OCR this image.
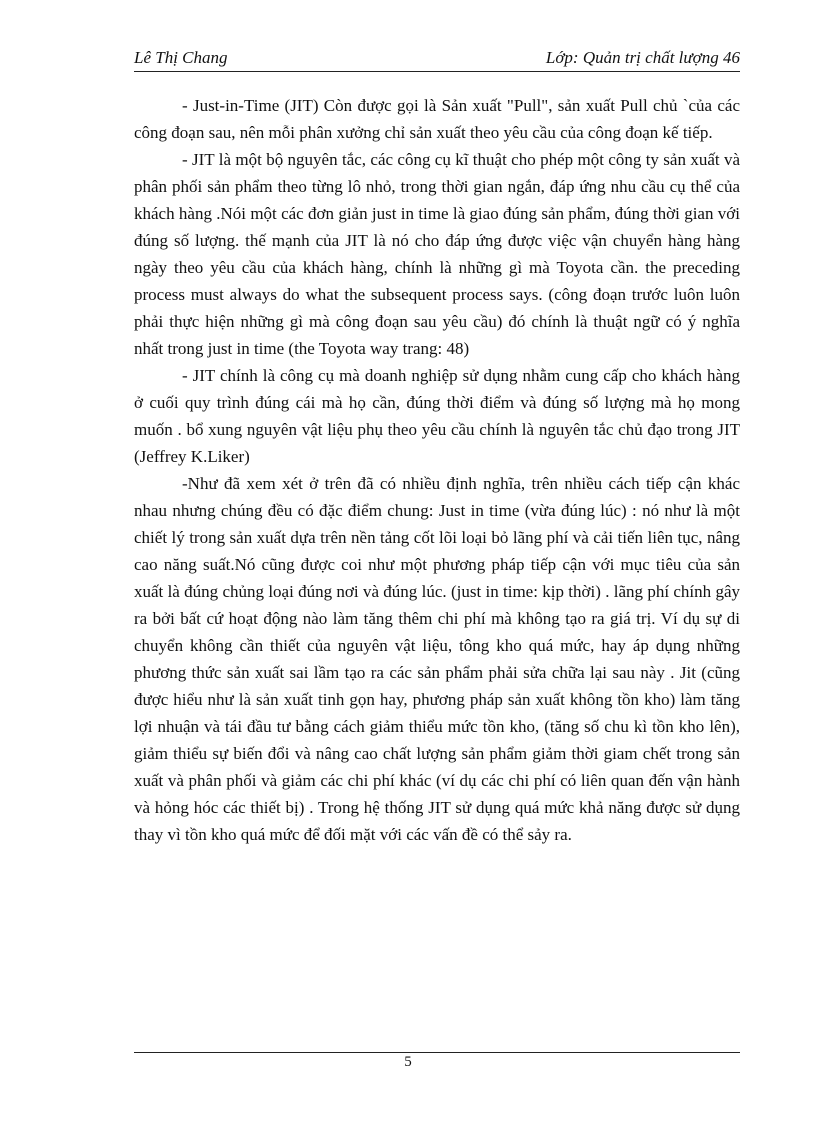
Lê Thị Chang	Lớp: Quản trị chất lượng 46

- Just-in-Time (JIT) Còn được gọi là Sản xuất "Pull", sản xuất Pull chủ `của các công đoạn sau, nên mỗi phân xưởng chỉ sản xuất theo yêu cầu của công đoạn kế tiếp.

- JIT là một bộ nguyên tắc, các công cụ kĩ thuật cho phép một công ty sản xuất và phân phối sản phẩm theo từng lô nhỏ, trong thời gian ngắn, đáp ứng nhu cầu cụ thể của khách hàng .Nói một các đơn giản just in time là giao đúng sản phẩm, đúng thời gian với đúng số lượng. thế mạnh của JIT là nó cho đáp ứng được việc vận chuyển hàng hàng ngày theo yêu cầu của khách hàng, chính là những gì mà Toyota cần. the preceding process must always do what the subsequent process says. (công đoạn trước luôn luôn phải thực hiện những gì mà công đoạn sau yêu cầu) đó chính là thuật ngữ có ý nghĩa nhất trong just in time (the Toyota way trang: 48)

- JIT chính là công cụ mà doanh nghiệp sử dụng nhằm cung cấp cho khách hàng ở cuối quy trình đúng cái mà họ cần, đúng thời điểm và đúng số lượng mà họ mong muốn . bổ xung nguyên vật liệu phụ theo yêu cầu chính là nguyên tắc chủ đạo trong JIT (Jeffrey K.Liker)

-Như đã xem xét ở trên đã có nhiều định nghĩa, trên nhiều cách tiếp cận khác nhau nhưng chúng đều có đặc điểm chung: Just in time (vừa đúng lúc) : nó như là một chiết lý trong sản xuất dựa trên nền tảng cốt lõi loại bỏ lãng phí và cải tiến liên tục, nâng cao năng suất.Nó cũng được coi như một phương pháp tiếp cận với mục tiêu của sản xuất là đúng chủng loại đúng nơi và đúng lúc. (just in time: kịp thời) . lãng phí chính gây ra bởi bất cứ hoạt động nào làm tăng thêm chi phí mà không tạo ra giá trị. Ví dụ sự di chuyển không cần thiết của nguyên vật liệu, tông kho quá mức, hay áp dụng những phương thức sản xuất sai lầm tạo ra các sản phẩm phải sửa chữa lại sau này . Jit (cũng được hiểu như là sản xuất tinh gọn hay, phương pháp sản xuất không tồn kho) làm tăng lợi nhuận và tái đầu tư bằng cách giảm thiểu mức tồn kho, (tăng số chu kì tồn kho lên), giảm thiểu sự biến đổi và nâng cao chất lượng sản phẩm giảm thời giam chết trong sản xuất và phân phối và giảm các chi phí khác (ví dụ các chi phí có liên quan đến vận hành và hỏng hóc các thiết bị) . Trong hệ thống JIT sử dụng quá mức khả năng được sử dụng thay vì tồn kho quá mức để đối mặt với các vấn đề có thể sảy ra.

5
